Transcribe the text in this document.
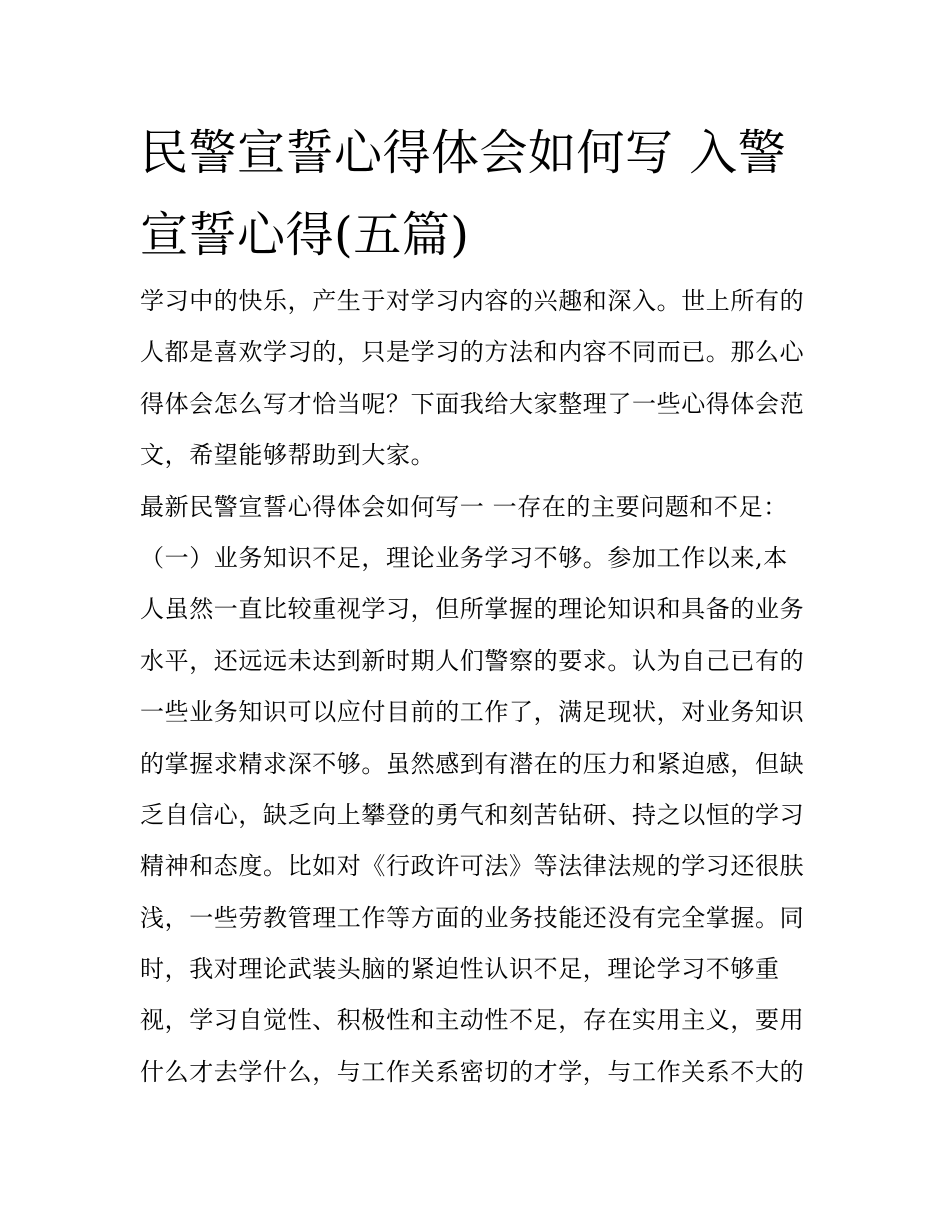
民警宣誓心得体会如何写 入警
宣誓心得(五篇)
学习中的快乐，产生于对学习内容的兴趣和深入。世上所有的
人都是喜欢学习的，只是学习的方法和内容不同而已。那么心
得体会怎么写才恰当呢？下面我给大家整理了一些心得体会范
文，希望能够帮助到大家。
最新民警宣誓心得体会如何写一 一存在的主要问题和不足：
（一）业务知识不足，理论业务学习不够。参加工作以来,本
人虽然一直比较重视学习，但所掌握的理论知识和具备的业务
水平，还远远未达到新时期人们警察的要求。认为自己已有的
一些业务知识可以应付目前的工作了，满足现状，对业务知识
的掌握求精求深不够。虽然感到有潜在的压力和紧迫感，但缺
乏自信心，缺乏向上攀登的勇气和刻苦钻研、持之以恒的学习
精神和态度。比如对《行政许可法》等法律法规的学习还很肤
浅，一些劳教管理工作等方面的业务技能还没有完全掌握。同
时，我对理论武装头脑的紧迫性认识不足，理论学习不够重
视，学习自觉性、积极性和主动性不足，存在实用主义，要用
什么才去学什么，与工作关系密切的才学，与工作关系不大的
